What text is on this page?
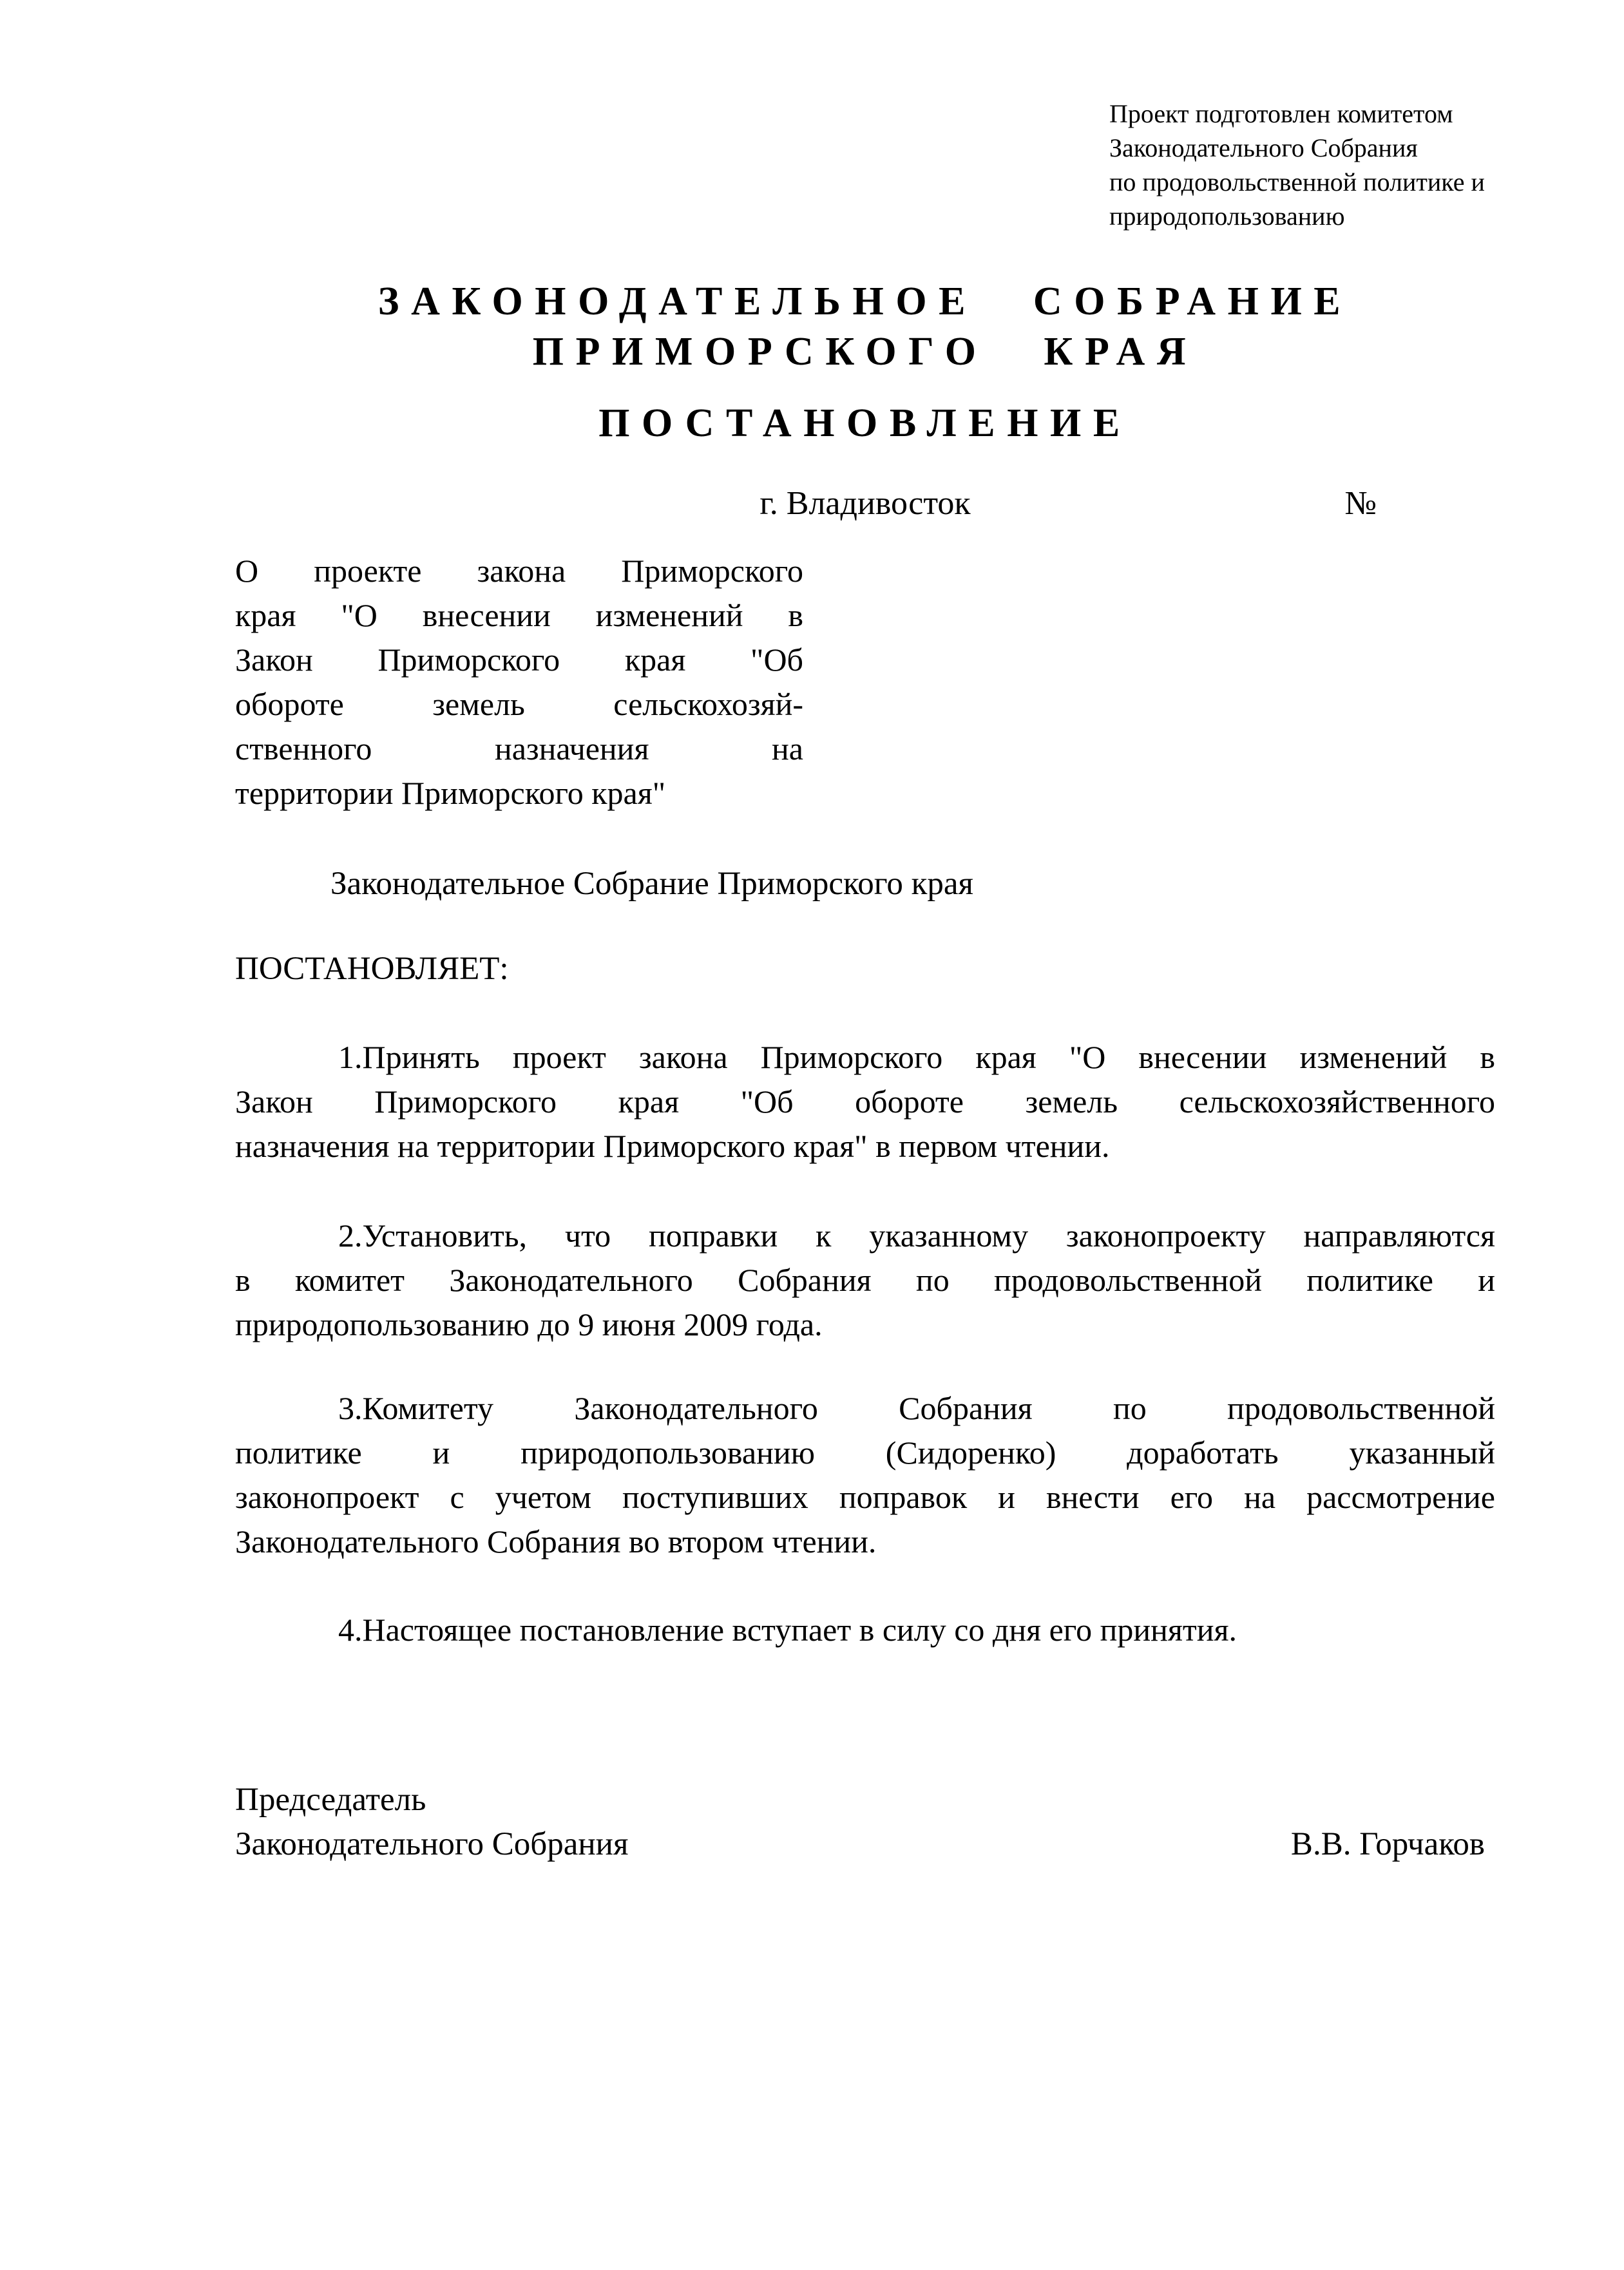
Проект подготовлен комитетом
Законодательного Собрания
по продовольственной политике и
природопользованию
ЗАКОНОДАТЕЛЬНОЕ СОБРАНИЕ
ПРИМОРСКОГО КРАЯ
ПОСТАНОВЛЕНИЕ
г. Владивосток	№
О проекте закона Приморского
края "О внесении изменений в
Закон Приморского края "Об
обороте земель сельскохозяй-
ственного назначения на
территории Приморского края"
Законодательное Собрание Приморского края
ПОСТАНОВЛЯЕТ:
1.Принять проект закона Приморского края "О внесении изменений в
Закон Приморского края "Об обороте земель сельскохозяйственного
назначения на территории Приморского края" в первом чтении.
2.Установить, что поправки к указанному законопроекту направляются
в комитет Законодательного Собрания по продовольственной политике и
природопользованию до 9 июня 2009 года.
3.Комитету Законодательного Собрания по продовольственной
политике и природопользованию (Сидоренко) доработать указанный
законопроект с учетом поступивших поправок и внести его на рассмотрение
Законодательного Собрания во втором чтении.
4.Настоящее постановление вступает в силу со дня его принятия.
Председатель
Законодательного Собрания	В.В. Горчаков
